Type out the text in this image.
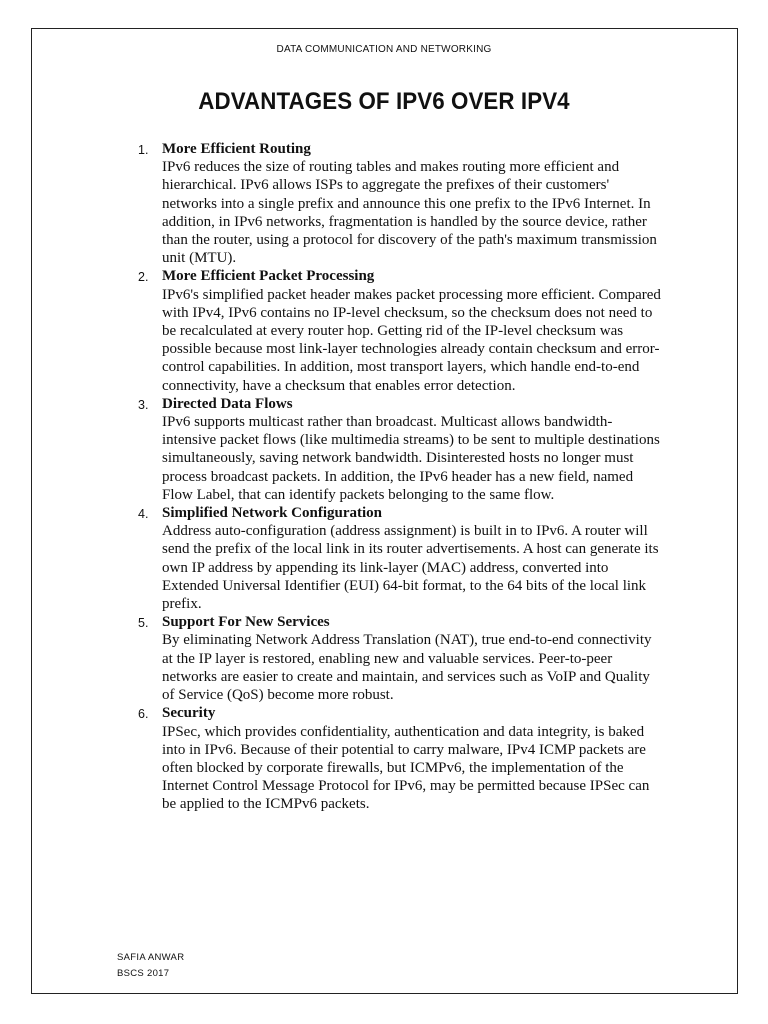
DATA COMMUNICATION AND NETWORKING
ADVANTAGES OF IPV6 OVER IPV4
1. More Efficient Routing
IPv6 reduces the size of routing tables and makes routing more efficient and hierarchical. IPv6 allows ISPs to aggregate the prefixes of their customers' networks into a single prefix and announce this one prefix to the IPv6 Internet. In addition, in IPv6 networks, fragmentation is handled by the source device, rather than the router, using a protocol for discovery of the path's maximum transmission unit (MTU).
2. More Efficient Packet Processing
IPv6's simplified packet header makes packet processing more efficient. Compared with IPv4, IPv6 contains no IP-level checksum, so the checksum does not need to be recalculated at every router hop. Getting rid of the IP-level checksum was possible because most link-layer technologies already contain checksum and error-control capabilities. In addition, most transport layers, which handle end-to-end connectivity, have a checksum that enables error detection.
3. Directed Data Flows
IPv6 supports multicast rather than broadcast. Multicast allows bandwidth-intensive packet flows (like multimedia streams) to be sent to multiple destinations simultaneously, saving network bandwidth. Disinterested hosts no longer must process broadcast packets. In addition, the IPv6 header has a new field, named Flow Label, that can identify packets belonging to the same flow.
4. Simplified Network Configuration
Address auto-configuration (address assignment) is built in to IPv6. A router will send the prefix of the local link in its router advertisements. A host can generate its own IP address by appending its link-layer (MAC) address, converted into Extended Universal Identifier (EUI) 64-bit format, to the 64 bits of the local link prefix.
5. Support For New Services
By eliminating Network Address Translation (NAT), true end-to-end connectivity at the IP layer is restored, enabling new and valuable services. Peer-to-peer networks are easier to create and maintain, and services such as VoIP and Quality of Service (QoS) become more robust.
6. Security
IPSec, which provides confidentiality, authentication and data integrity, is baked into in IPv6. Because of their potential to carry malware, IPv4 ICMP packets are often blocked by corporate firewalls, but ICMPv6, the implementation of the Internet Control Message Protocol for IPv6, may be permitted because IPSec can be applied to the ICMPv6 packets.
SAFIA ANWAR
BSCS 2017
